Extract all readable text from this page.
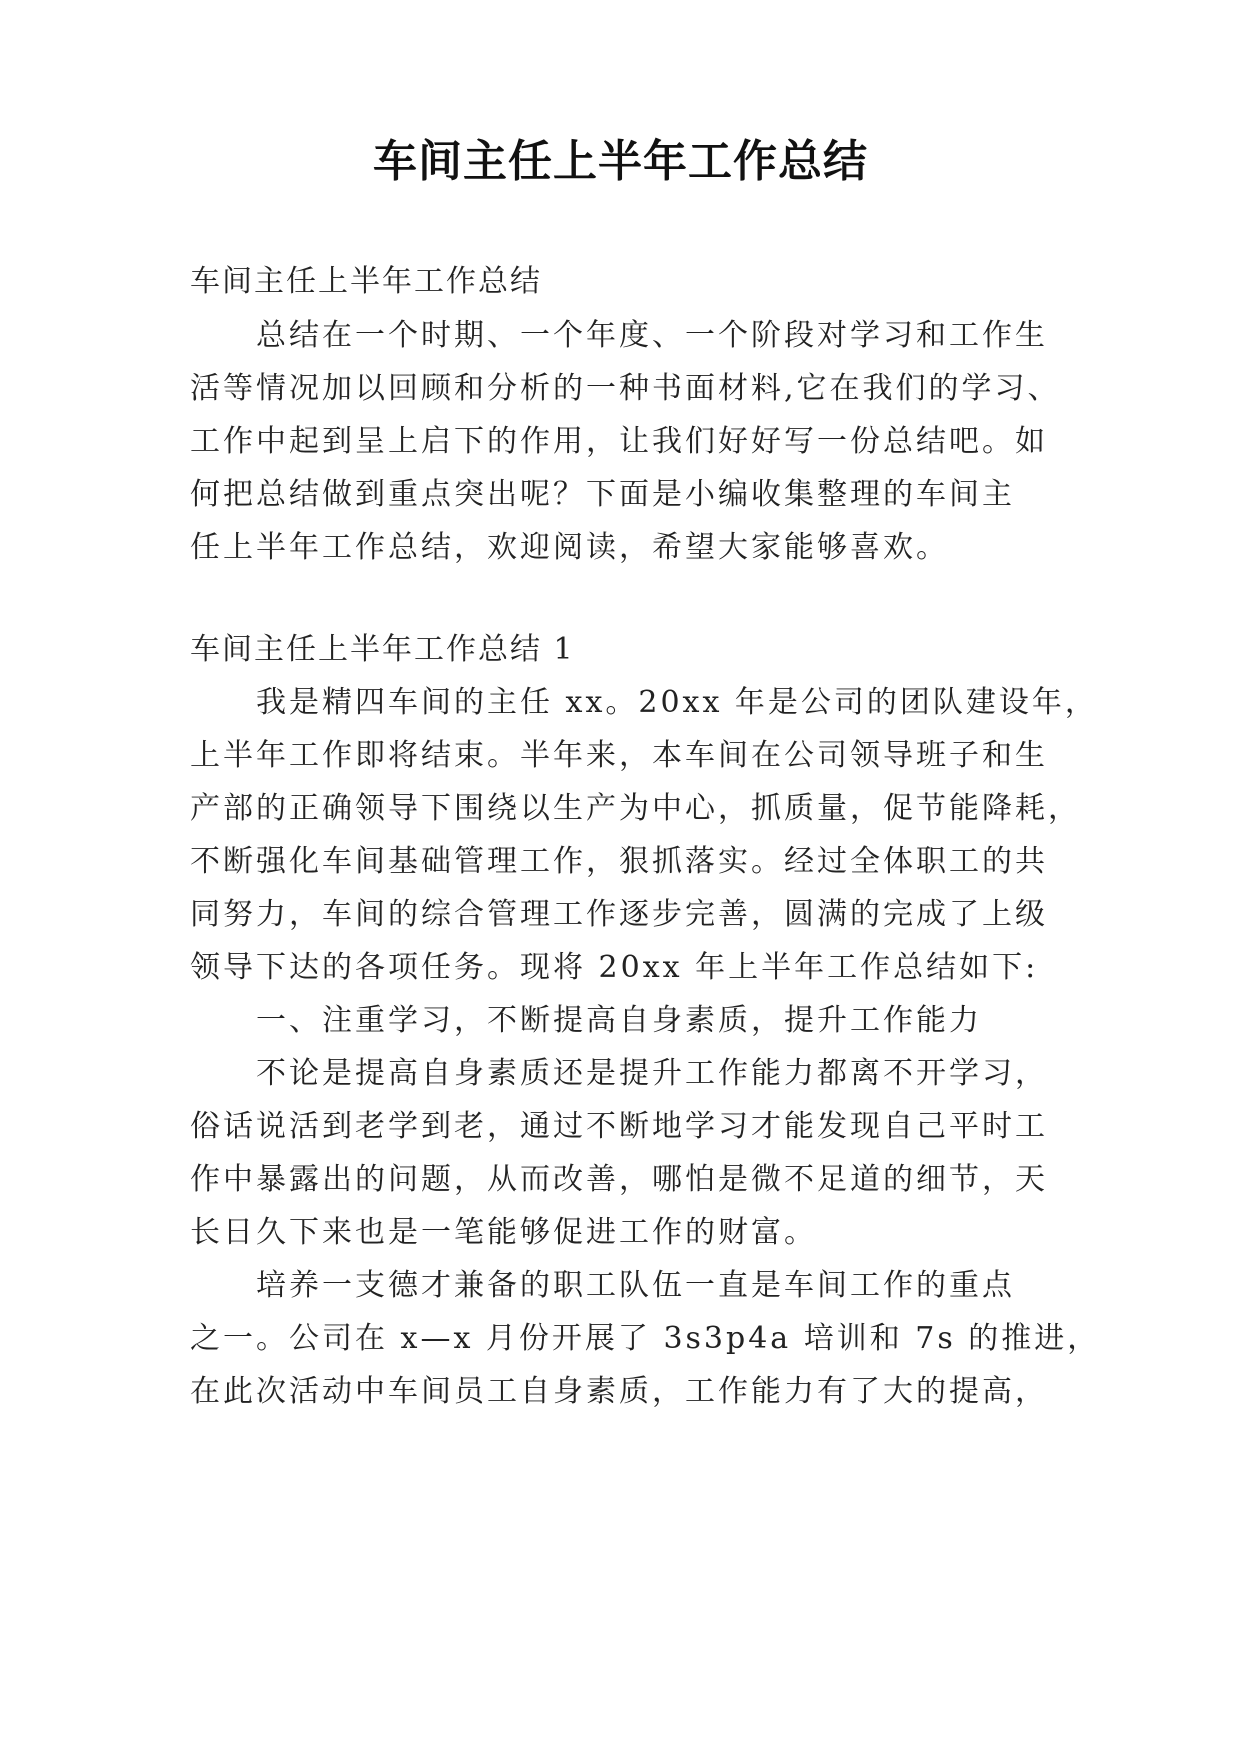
车间主任上半年工作总结
车间主任上半年工作总结
总结在一个时期、一个年度、一个阶段对学习和工作生
活等情况加以回顾和分析的一种书面材料,它在我们的学习、
工作中起到呈上启下的作用，让我们好好写一份总结吧。如
何把总结做到重点突出呢？下面是小编收集整理的车间主
任上半年工作总结，欢迎阅读，希望大家能够喜欢。
车间主任上半年工作总结 1
我是精四车间的主任 xx。20xx 年是公司的团队建设年，
上半年工作即将结束。半年来，本车间在公司领导班子和生
产部的正确领导下围绕以生产为中心，抓质量，促节能降耗，
不断强化车间基础管理工作，狠抓落实。经过全体职工的共
同努力，车间的综合管理工作逐步完善，圆满的完成了上级
领导下达的各项任务。现将 20xx 年上半年工作总结如下:
一、注重学习，不断提高自身素质，提升工作能力
不论是提高自身素质还是提升工作能力都离不开学习，
俗话说活到老学到老，通过不断地学习才能发现自己平时工
作中暴露出的问题，从而改善，哪怕是微不足道的细节，天
长日久下来也是一笔能够促进工作的财富。
培养一支德才兼备的职工队伍一直是车间工作的重点
之一。公司在 x—x 月份开展了 3s3p4a 培训和 7s 的推进，
在此次活动中车间员工自身素质，工作能力有了大的提高，
